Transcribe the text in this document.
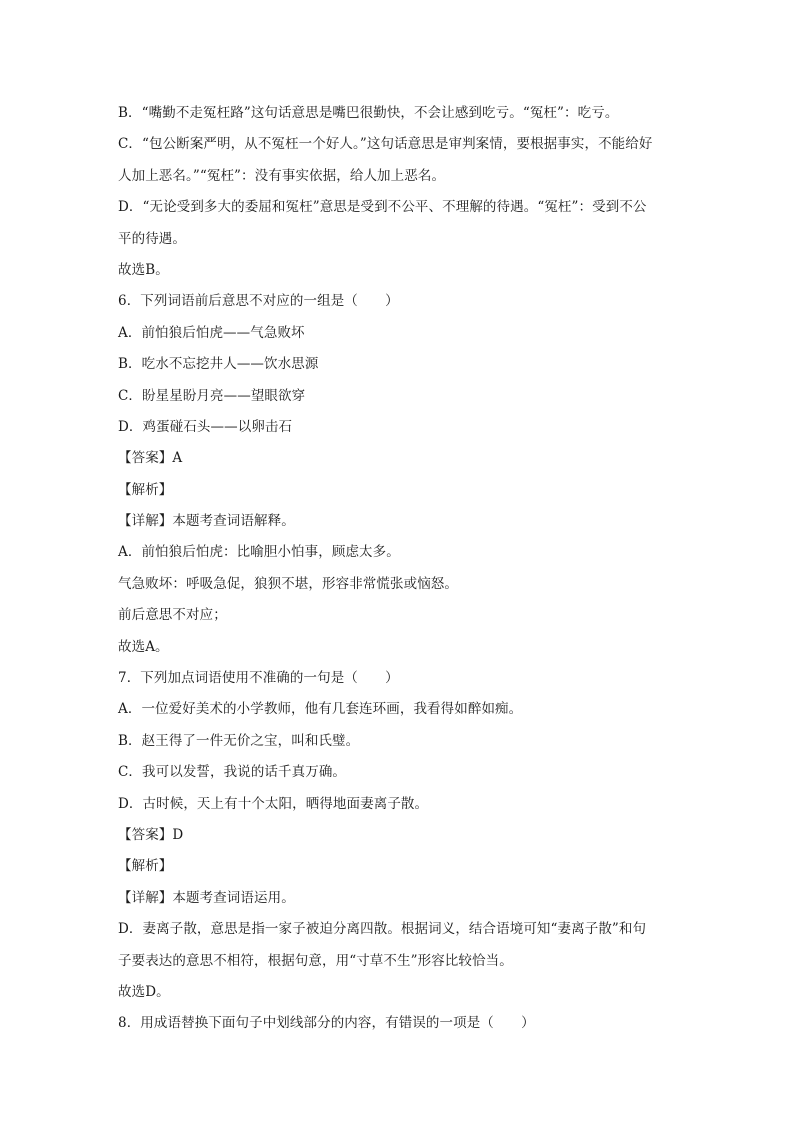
B．“嘴勤不走冤枉路”这句话意思是嘴巴很勤快，不会让感到吃亏。“冤枉”：吃亏。
C．“包公断案严明，从不冤枉一个好人。”这句话意思是审判案情，要根据事实，不能给好
人加上恶名。”“冤枉”：没有事实依据，给人加上恶名。
D．“无论受到多大的委屈和冤枉”意思是受到不公平、不理解的待遇。“冤枉”：受到不公
平的待遇。
故选B。
6．下列词语前后意思不对应的一组是（　　）
A．前怕狼后怕虎——气急败坏
B．吃水不忘挖井人——饮水思源
C．盼星星盼月亮——望眼欲穿
D．鸡蛋碰石头——以卵击石
【答案】A
【解析】
【详解】本题考查词语解释。
A．前怕狼后怕虎：比喻胆小怕事，顾虑太多。
气急败坏：呼吸急促，狼狈不堪，形容非常慌张或恼怒。
前后意思不对应；
故选A。
7．下列加点词语使用不准确的一句是（　　）
A．一位爱好美术的小学教师，他有几套连环画，我看得如醉如痴。
B．赵王得了一件无价之宝，叫和氏璧。
C．我可以发誓，我说的话千真万确。
D．古时候，天上有十个太阳，晒得地面妻离子散。
【答案】D
【解析】
【详解】本题考查词语运用。
D．妻离子散，意思是指一家子被迫分离四散。根据词义，结合语境可知“妻离子散”和句
子要表达的意思不相符，根据句意，用“寸草不生”形容比较恰当。
故选D。
8．用成语替换下面句子中划线部分的内容，有错误的一项是（　　）
